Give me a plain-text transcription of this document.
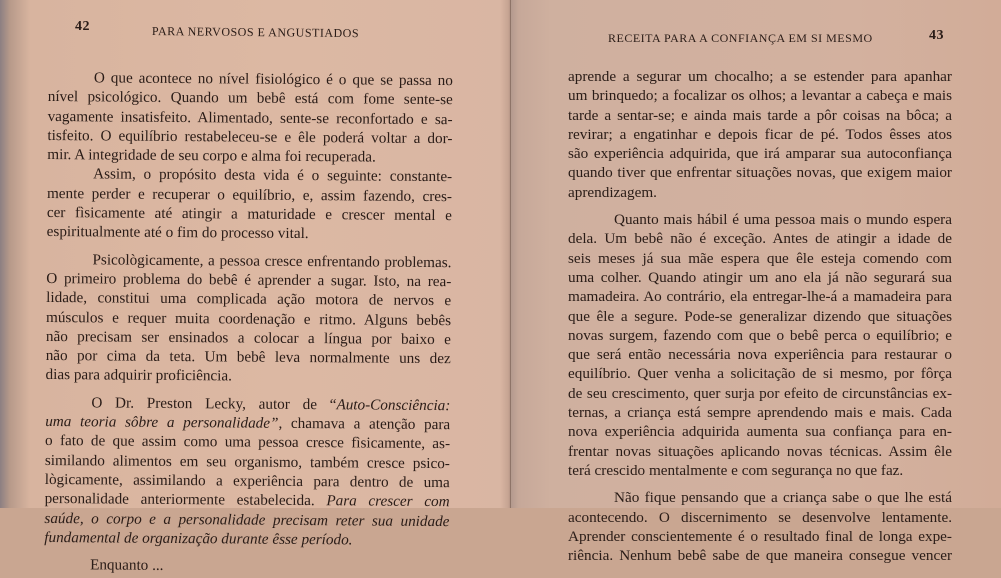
42	PARA NERVOSOS E ANGUSTIADOS
O que acontece no nível fisiológico é o que se passa no
nível psicológico. Quando um bebê está com fome sente-se
vagamente insatisfeito. Alimentado, sente-se reconfortado e sa-
tisfeito. O equilíbrio restabeleceu-se e êle poderá voltar a dor-
mir. A integridade de seu corpo e alma foi recuperada.
Assim, o propósito desta vida é o seguinte: constante-
mente perder e recuperar o equilíbrio, e, assim fazendo, cres-
cer fìsicamente até atingir a maturidade e crescer mental e
espiritualmente até o fim do processo vital.
Psicològicamente, a pessoa cresce enfrentando problemas.
O primeiro problema do bebê é aprender a sugar. Isto, na rea-
lidade, constitui uma complicada ação motora de nervos e
músculos e requer muita coordenação e ritmo. Alguns bebês
não precisam ser ensinados a colocar a língua por baixo e
não por cima da teta. Um bebê leva normalmente uns dez
dias para adquirir proficiência.
O Dr. Preston Lecky, autor de “Auto-Consciência:
uma teoria sôbre a personalidade”, chamava a atenção para
o fato de que assim como uma pessoa cresce fìsicamente, as-
similando alimentos em seu organismo, também cresce psico-
lògicamente, assimilando a experiência para dentro de uma
personalidade anteriormente estabelecida. Para crescer com
saúde, o corpo e a personalidade precisam reter sua unidade
fundamental de organização durante êsse período.
Enquanto ...
RECEITA PARA A CONFIANÇA EM SI MESMO	43
aprende a segurar um chocalho; a se estender para apanhar
um brinquedo; a focalizar os olhos; a levantar a cabeça e mais
tarde a sentar-se; e ainda mais tarde a pôr coisas na bôca; a
revirar; a engatinhar e depois ficar de pé. Todos êsses atos
são experiência adquirida, que irá amparar sua autoconfiança
quando tiver que enfrentar situações novas, que exigem maior
aprendizagem.
Quanto mais hábil é uma pessoa mais o mundo espera
dela. Um bebê não é exceção. Antes de atingir a idade de
seis meses já sua mãe espera que êle esteja comendo com
uma colher. Quando atingir um ano ela já não segurará sua
mamadeira. Ao contrário, ela entregar-lhe-á a mamadeira para
que êle a segure. Pode-se generalizar dizendo que situações
novas surgem, fazendo com que o bebê perca o equilíbrio; e
que será então necessária nova experiência para restaurar o
equilíbrio. Quer venha a solicitação de si mesmo, por fôrça
de seu crescimento, quer surja por efeito de circunstâncias ex-
ternas, a criança está sempre aprendendo mais e mais. Cada
nova experiência adquirida aumenta sua confiança para en-
frentar novas situações aplicando novas técnicas. Assim êle
terá crescido mentalmente e com segurança no que faz.
Não fique pensando que a criança sabe o que lhe está
acontecendo. O discernimento se desenvolve lentamente.
Aprender conscientemente é o resultado final de longa expe-
riência. Nenhum bebê sabe de que maneira consegue vencer
